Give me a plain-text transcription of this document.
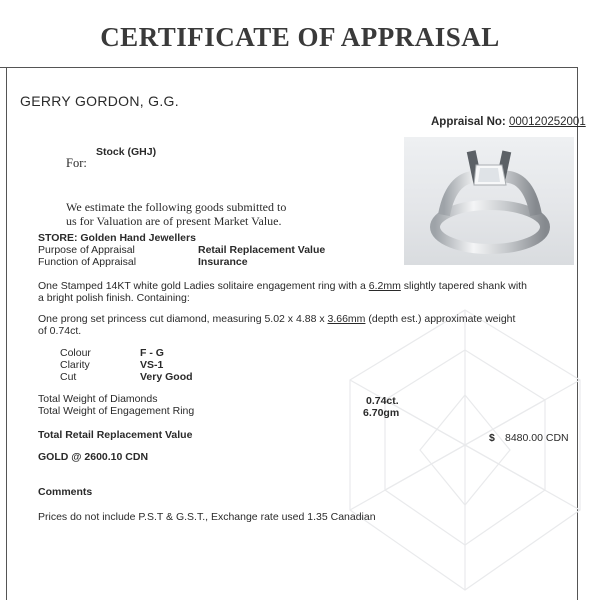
CERTIFICATE OF APPRAISAL
GERRY GORDON, G.G.
Appraisal No: 000120252001
Stock (GHJ)
For:
We estimate the following goods submitted to
us for Valuation are of present Market Value.
STORE: Golden Hand Jewellers
Purpose of Appraisal	Retail Replacement Value
Function of Appraisal	Insurance
One Stamped 14KT white gold Ladies solitaire engagement ring with a 6.2mm slightly tapered shank with
a bright polish finish. Containing:
One prong set princess cut diamond, measuring 5.02 x 4.88 x 3.66mm (depth est.) approximate weight
of 0.74ct.
Colour	F - G
Clarity	VS-1
Cut	Very Good
Total Weight of Diamonds	0.74ct.
Total Weight of Engagement Ring	6.70gm
Total Retail Replacement Value	$ 8480.00 CDN
GOLD @ 2600.10 CDN
Comments
Prices do not include P.S.T & G.S.T., Exchange rate used 1.35 Canadian
